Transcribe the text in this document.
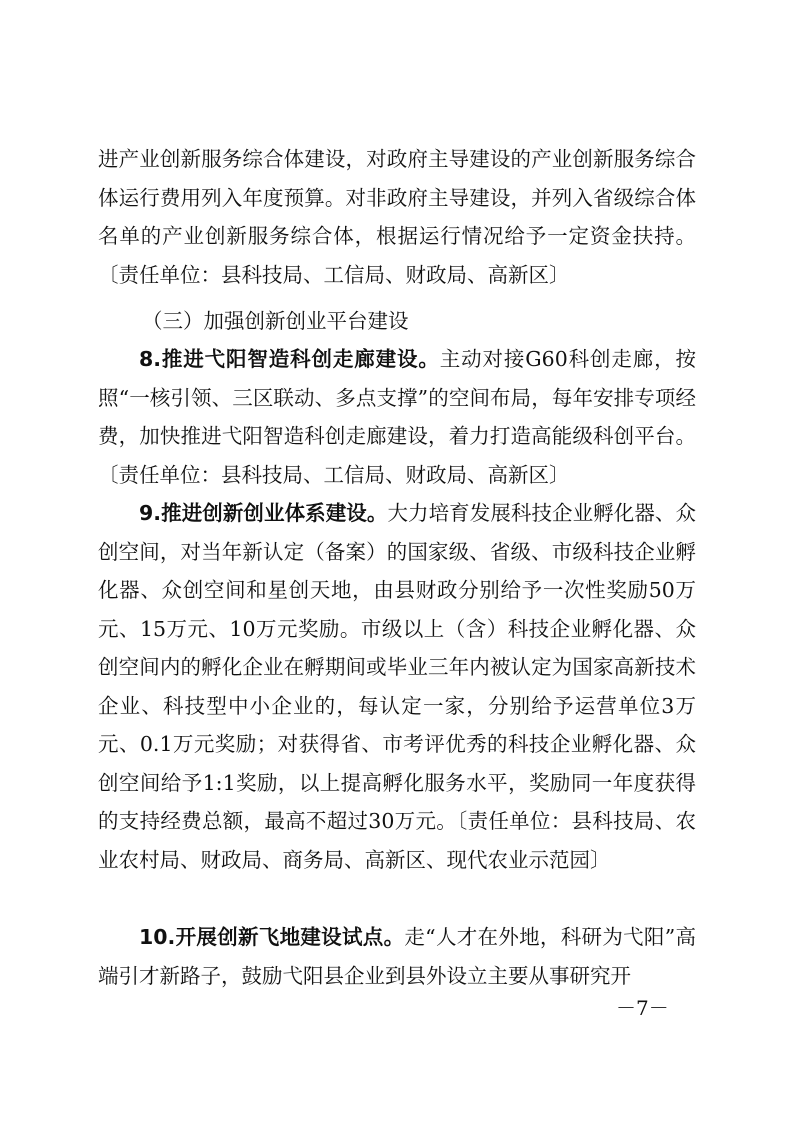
进产业创新服务综合体建设，对政府主导建设的产业创新服务综合体运行费用列入年度预算。对非政府主导建设，并列入省级综合体名单的产业创新服务综合体，根据运行情况给予一定资金扶持。〔责任单位：县科技局、工信局、财政局、高新区〕

（三）加强创新创业平台建设

8.推进弋阳智造科创走廊建设。主动对接G60科创走廊，按照“一核引领、三区联动、多点支撑”的空间布局，每年安排专项经费，加快推进弋阳智造科创走廊建设，着力打造高能级科创平台。〔责任单位：县科技局、工信局、财政局、高新区〕

9.推进创新创业体系建设。大力培育发展科技企业孵化器、众创空间，对当年新认定（备案）的国家级、省级、市级科技企业孵化器、众创空间和星创天地，由县财政分别给予一次性奖励50万元、15万元、10万元奖励。市级以上（含）科技企业孵化器、众创空间内的孵化企业在孵期间或毕业三年内被认定为国家高新技术企业、科技型中小企业的，每认定一家，分别给予运营单位3万元、0.1万元奖励；对获得省、市考评优秀的科技企业孵化器、众创空间给予1:1奖励，以上提高孵化服务水平，奖励同一年度获得的支持经费总额，最高不超过30万元。〔责任单位：县科技局、农业农村局、财政局、商务局、高新区、现代农业示范园〕

10.开展创新飞地建设试点。走“人才在外地，科研为弋阳”高端引才新路子，鼓励弋阳县企业到县外设立主要从事研究开

－7－
